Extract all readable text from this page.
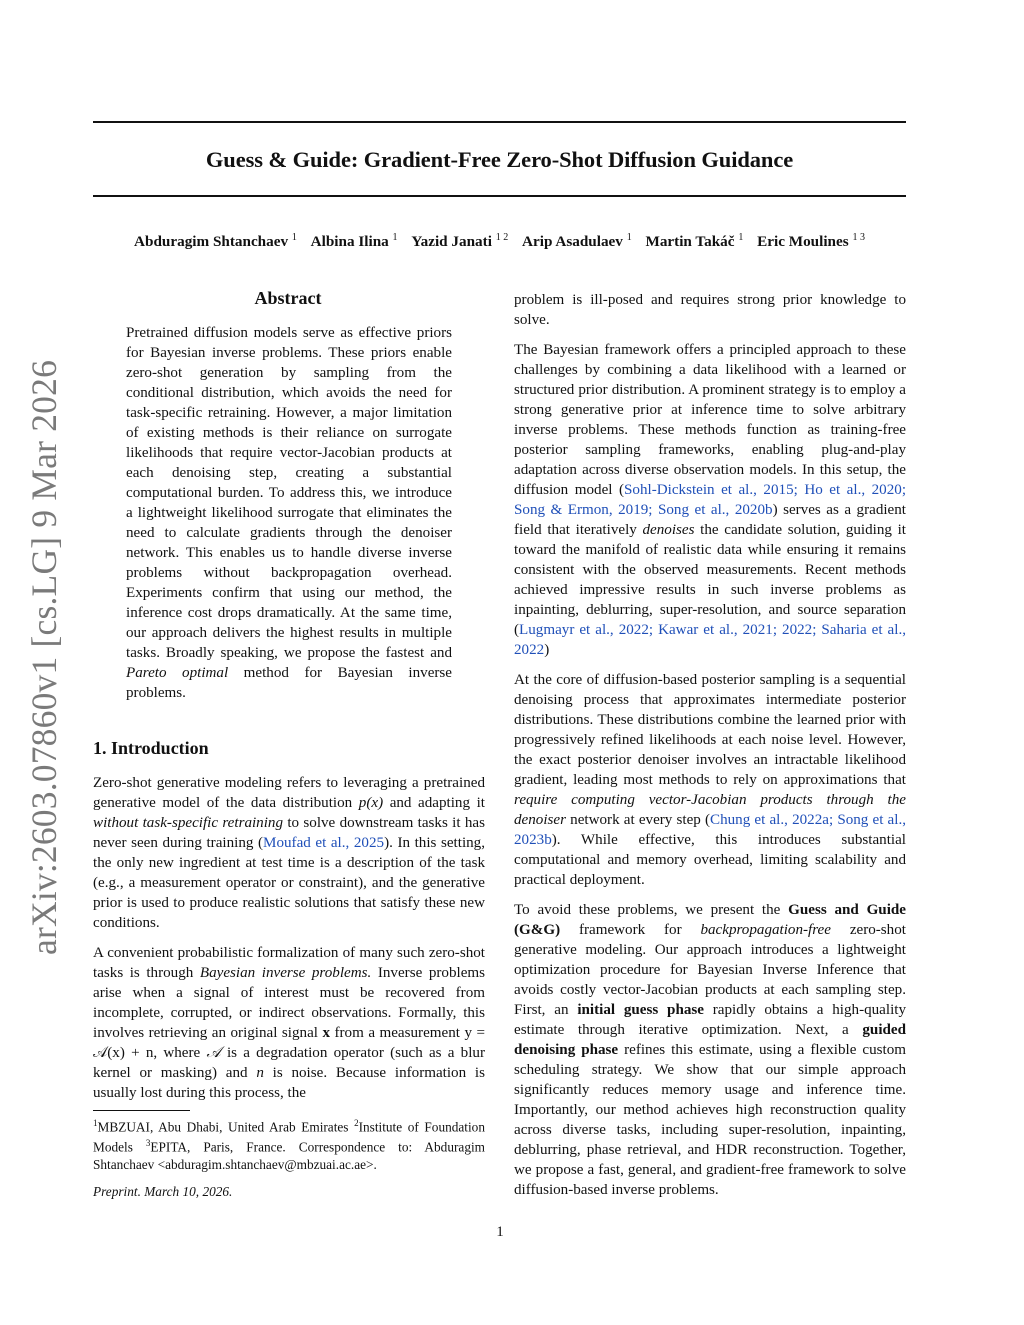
Guess & Guide: Gradient-Free Zero-Shot Diffusion Guidance
Abduragim Shtanchaev $^1$ Albina Ilina $^1$ Yazid Janati $^{1 2}$ Arip Asadulaev $^1$ Martin Takáč $^1$ Eric Moulines $^{1 3}$
arXiv:2603.07860v1 [cs.LG] 9 Mar 2026
Abstract
Pretrained diffusion models serve as effective priors for Bayesian inverse problems. These priors enable zero-shot generation by sampling from the conditional distribution, which avoids the need for task-specific retraining. However, a major limitation of existing methods is their reliance on surrogate likelihoods that require vector-Jacobian products at each denoising step, creating a substantial computational burden. To address this, we introduce a lightweight likelihood surrogate that eliminates the need to calculate gradients through the denoiser network. This enables us to handle diverse inverse problems without backpropagation overhead. Experiments confirm that using our method, the inference cost drops dramatically. At the same time, our approach delivers the highest results in multiple tasks. Broadly speaking, we propose the fastest and Pareto optimal method for Bayesian inverse problems.
1. Introduction

Zero-shot generative modeling refers to leveraging a pretrained generative model of the data distribution p(x) and adapting it without task-specific retraining to solve downstream tasks it has never seen during training (Moufad et al., 2025). In this setting, the only new ingredient at test time is a description of the task (e.g., a measurement operator or constraint), and the generative prior is used to produce realistic solutions that satisfy these new conditions.

A convenient probabilistic formalization of many such zero-shot tasks is through Bayesian inverse problems. Inverse problems arise when a signal of interest must be recovered from incomplete, corrupted, or indirect observations. Formally, this involves retrieving an original signal x from a measurement y = 𝒜(x) + n, where 𝒜 is a degradation operator (such as a blur kernel or masking) and n is noise. Because information is usually lost during this process, the

$^1$MBZUAI, Abu Dhabi, United Arab Emirates $^2$Institute of Foundation Models $^3$EPITA, Paris, France. Correspondence to: Abduragim Shtanchaev <abduragim.shtanchaev@mbzuai.ac.ae>.
Preprint. March 10, 2026.

problem is ill-posed and requires strong prior knowledge to solve.

The Bayesian framework offers a principled approach to these challenges by combining a data likelihood with a learned or structured prior distribution. A prominent strategy is to employ a strong generative prior at inference time to solve arbitrary inverse problems. These methods function as training-free posterior sampling frameworks, enabling plug-and-play adaptation across diverse observation models. In this setup, the diffusion model (Sohl-Dickstein et al., 2015; Ho et al., 2020; Song & Ermon, 2019; Song et al., 2020b) serves as a gradient field that iteratively denoises the candidate solution, guiding it toward the manifold of realistic data while ensuring it remains consistent with the observed measurements. Recent methods achieved impressive results in such inverse problems as inpainting, deblurring, super-resolution, and source separation (Lugmayr et al., 2022; Kawar et al., 2021; 2022; Saharia et al., 2022)

At the core of diffusion-based posterior sampling is a sequential denoising process that approximates intermediate posterior distributions. These distributions combine the learned prior with progressively refined likelihoods at each noise level. However, the exact posterior denoiser involves an intractable likelihood gradient, leading most methods to rely on approximations that require computing vector-Jacobian products through the denoiser network at every step (Chung et al., 2022a; Song et al., 2023b). While effective, this introduces substantial computational and memory overhead, limiting scalability and practical deployment.

To avoid these problems, we present the Guess and Guide (G&G) framework for backpropagation-free zero-shot generative modeling. Our approach introduces a lightweight optimization procedure for Bayesian Inverse Inference that avoids costly vector-Jacobian products at each sampling step. First, an initial guess phase rapidly obtains a high-quality estimate through iterative optimization. Next, a guided denoising phase refines this estimate, using a flexible custom scheduling strategy. We show that our simple approach significantly reduces memory usage and inference time. Importantly, our method achieves high reconstruction quality across diverse tasks, including super-resolution, inpainting, deblurring, phase retrieval, and HDR reconstruction. Together, we propose a fast, general, and gradient-free framework to solve diffusion-based inverse problems.

1
